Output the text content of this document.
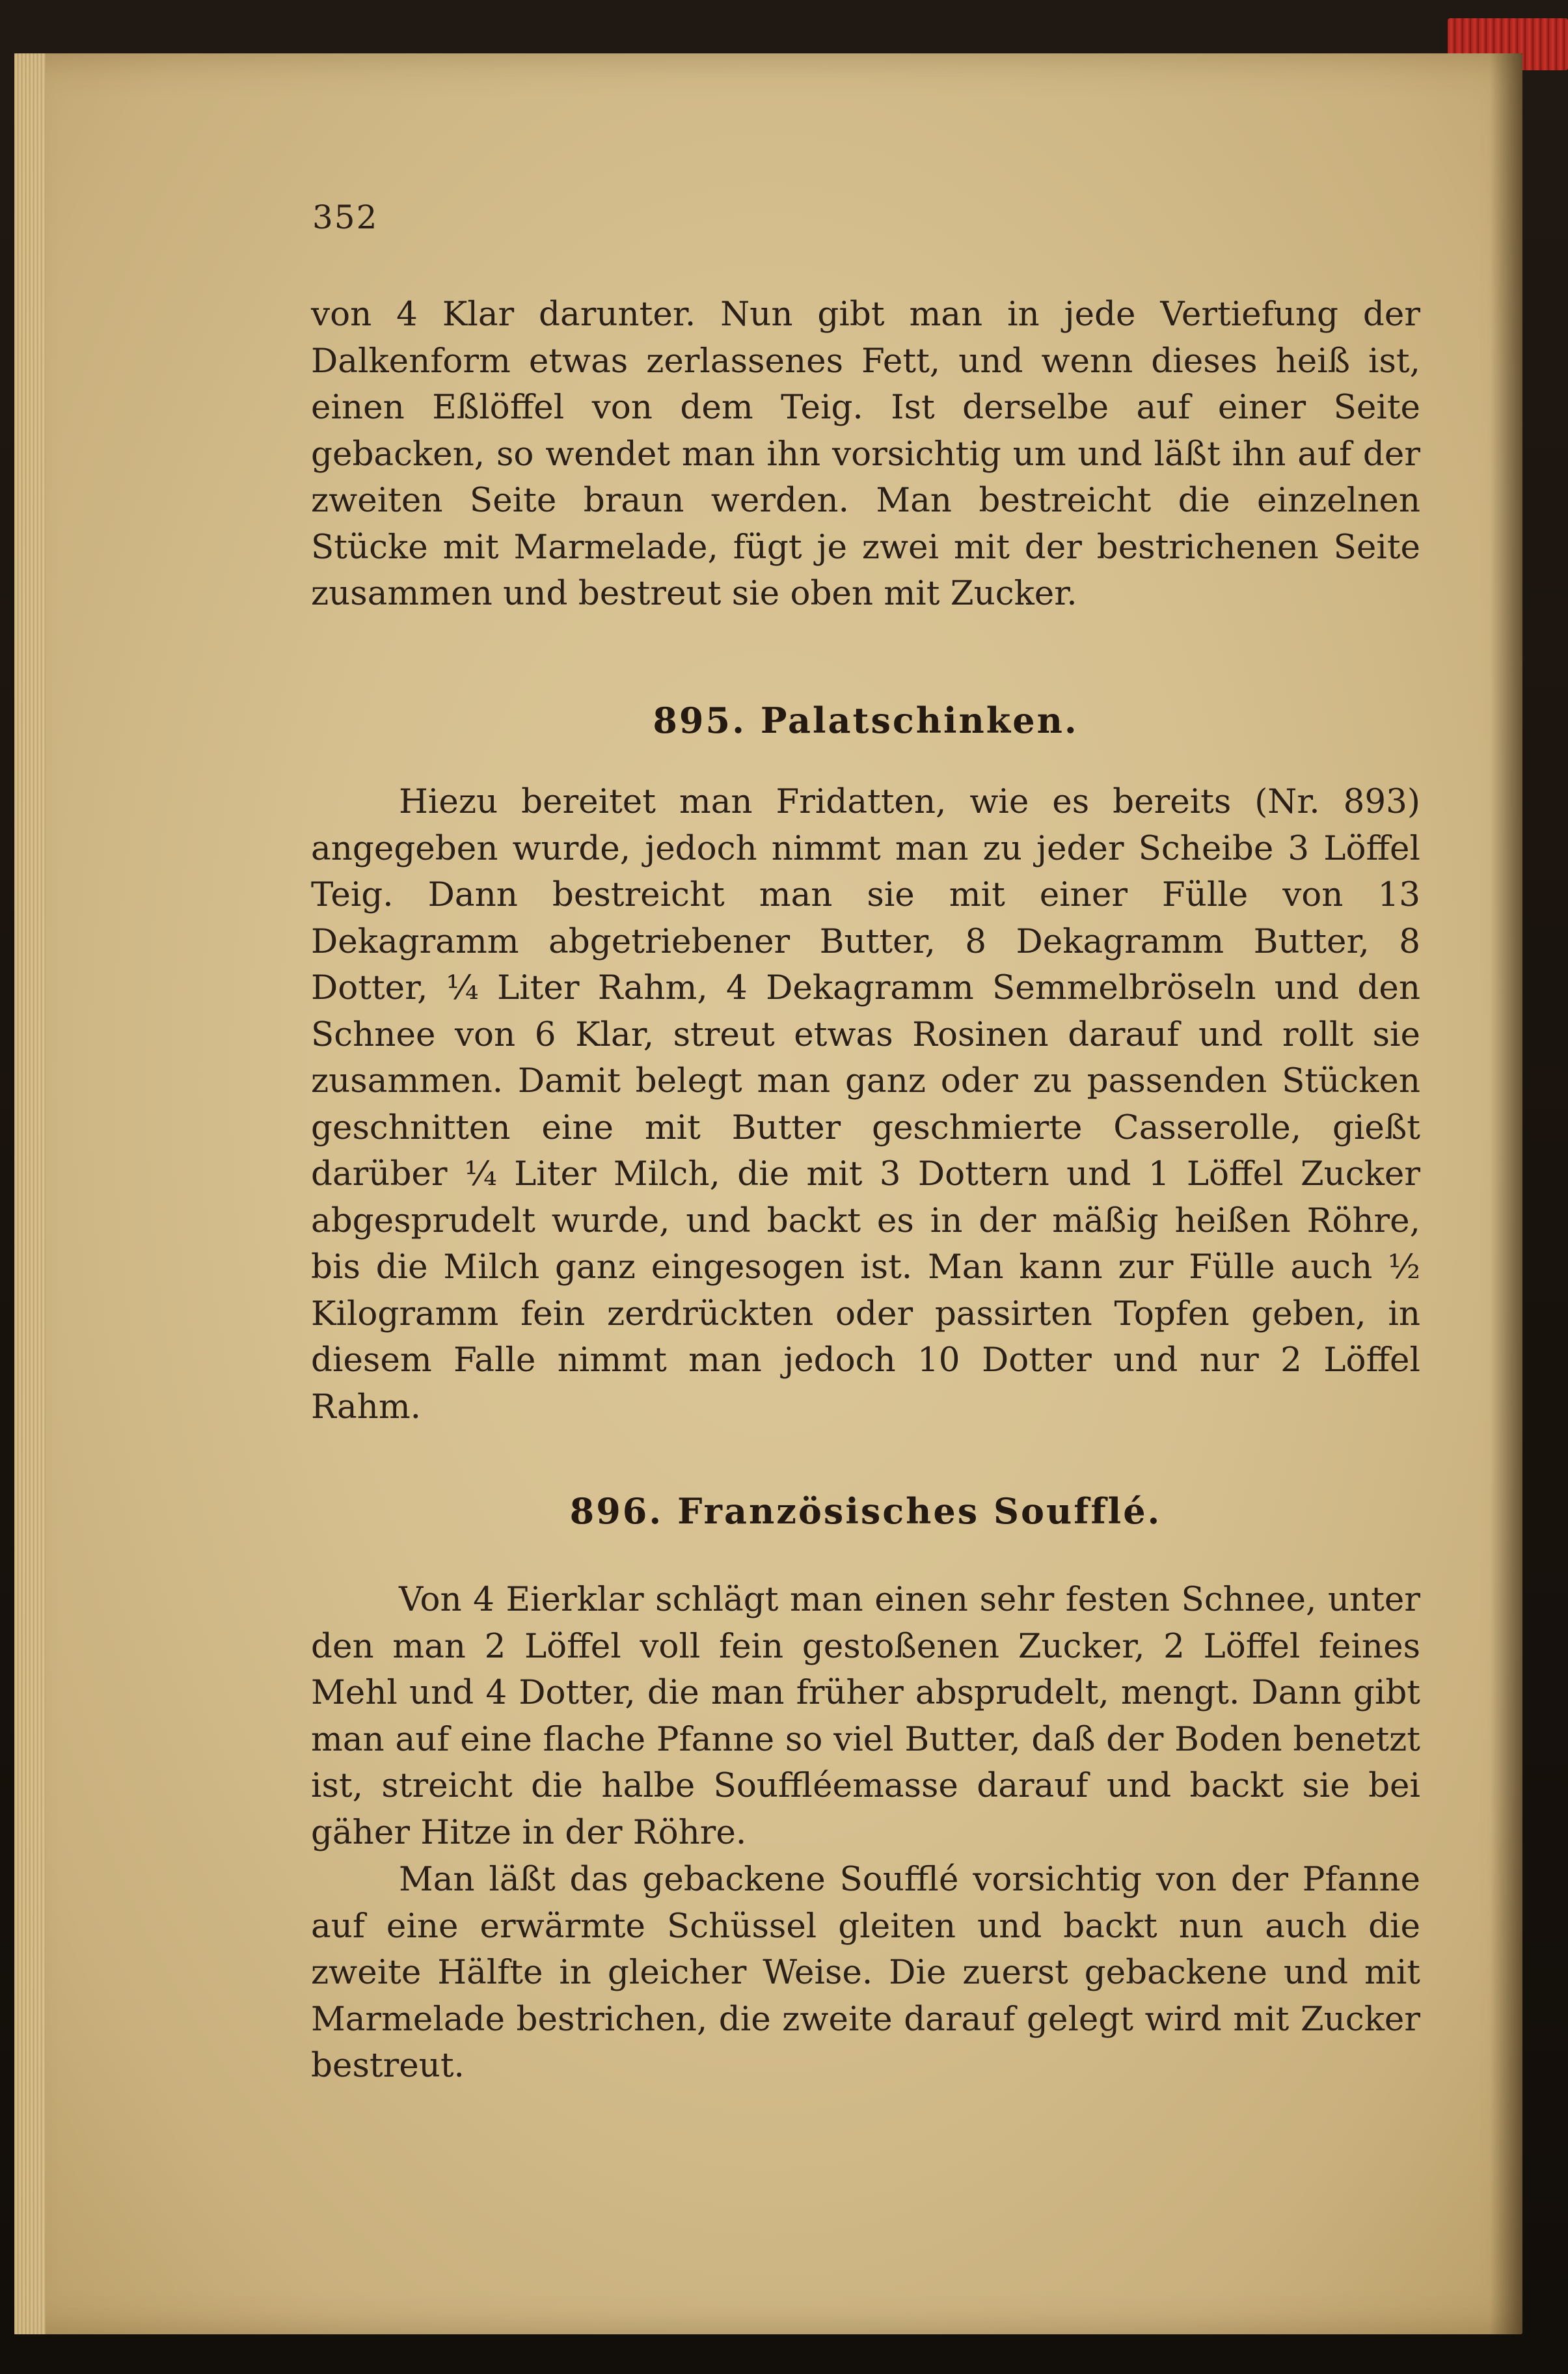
352

von 4 Klar darunter. Nun gibt man in jede Vertiefung der Dalkenform etwas zerlassenes Fett, und wenn dieses heiß ist, einen Eßlöffel von dem Teig. Ist derselbe auf einer Seite gebacken, so wendet man ihn vorsichtig um und läßt ihn auf der zweiten Seite braun werden. Man bestreicht die einzelnen Stücke mit Marmelade, fügt je zwei mit der bestrichenen Seite zusammen und bestreut sie oben mit Zucker.

895. Palatschinken.

Hiezu bereitet man Fridatten, wie es bereits (Nr. 893) angegeben wurde, jedoch nimmt man zu jeder Scheibe 3 Löffel Teig. Dann bestreicht man sie mit einer Fülle von 13 Dekagramm abgetriebener Butter, 8 Dekagramm Butter, 8 Dotter, ¼ Liter Rahm, 4 Dekagramm Semmelbröseln und den Schnee von 6 Klar, streut etwas Rosinen darauf und rollt sie zusammen. Damit belegt man ganz oder zu passenden Stücken geschnitten eine mit Butter geschmierte Casserolle, gießt darüber ¼ Liter Milch, die mit 3 Dottern und 1 Löffel Zucker abgesprudelt wurde, und backt es in der mäßig heißen Röhre, bis die Milch ganz eingesogen ist. Man kann zur Fülle auch ½ Kilogramm fein zerdrückten oder passirten Topfen geben, in diesem Falle nimmt man jedoch 10 Dotter und nur 2 Löffel Rahm.

896. Französisches Soufflé.

Von 4 Eierklar schlägt man einen sehr festen Schnee, unter den man 2 Löffel voll fein gestoßenen Zucker, 2 Löffel feines Mehl und 4 Dotter, die man früher absprudelt, mengt. Dann gibt man auf eine flache Pfanne so viel Butter, daß der Boden benetzt ist, streicht die halbe Souffléemasse darauf und backt sie bei gäher Hitze in der Röhre.

Man läßt das gebackene Soufflé vorsichtig von der Pfanne auf eine erwärmte Schüssel gleiten und backt nun auch die zweite Hälfte in gleicher Weise. Die zuerst gebackene und mit Marmelade bestrichen, die zweite darauf gelegt wird mit Zucker bestreut.
